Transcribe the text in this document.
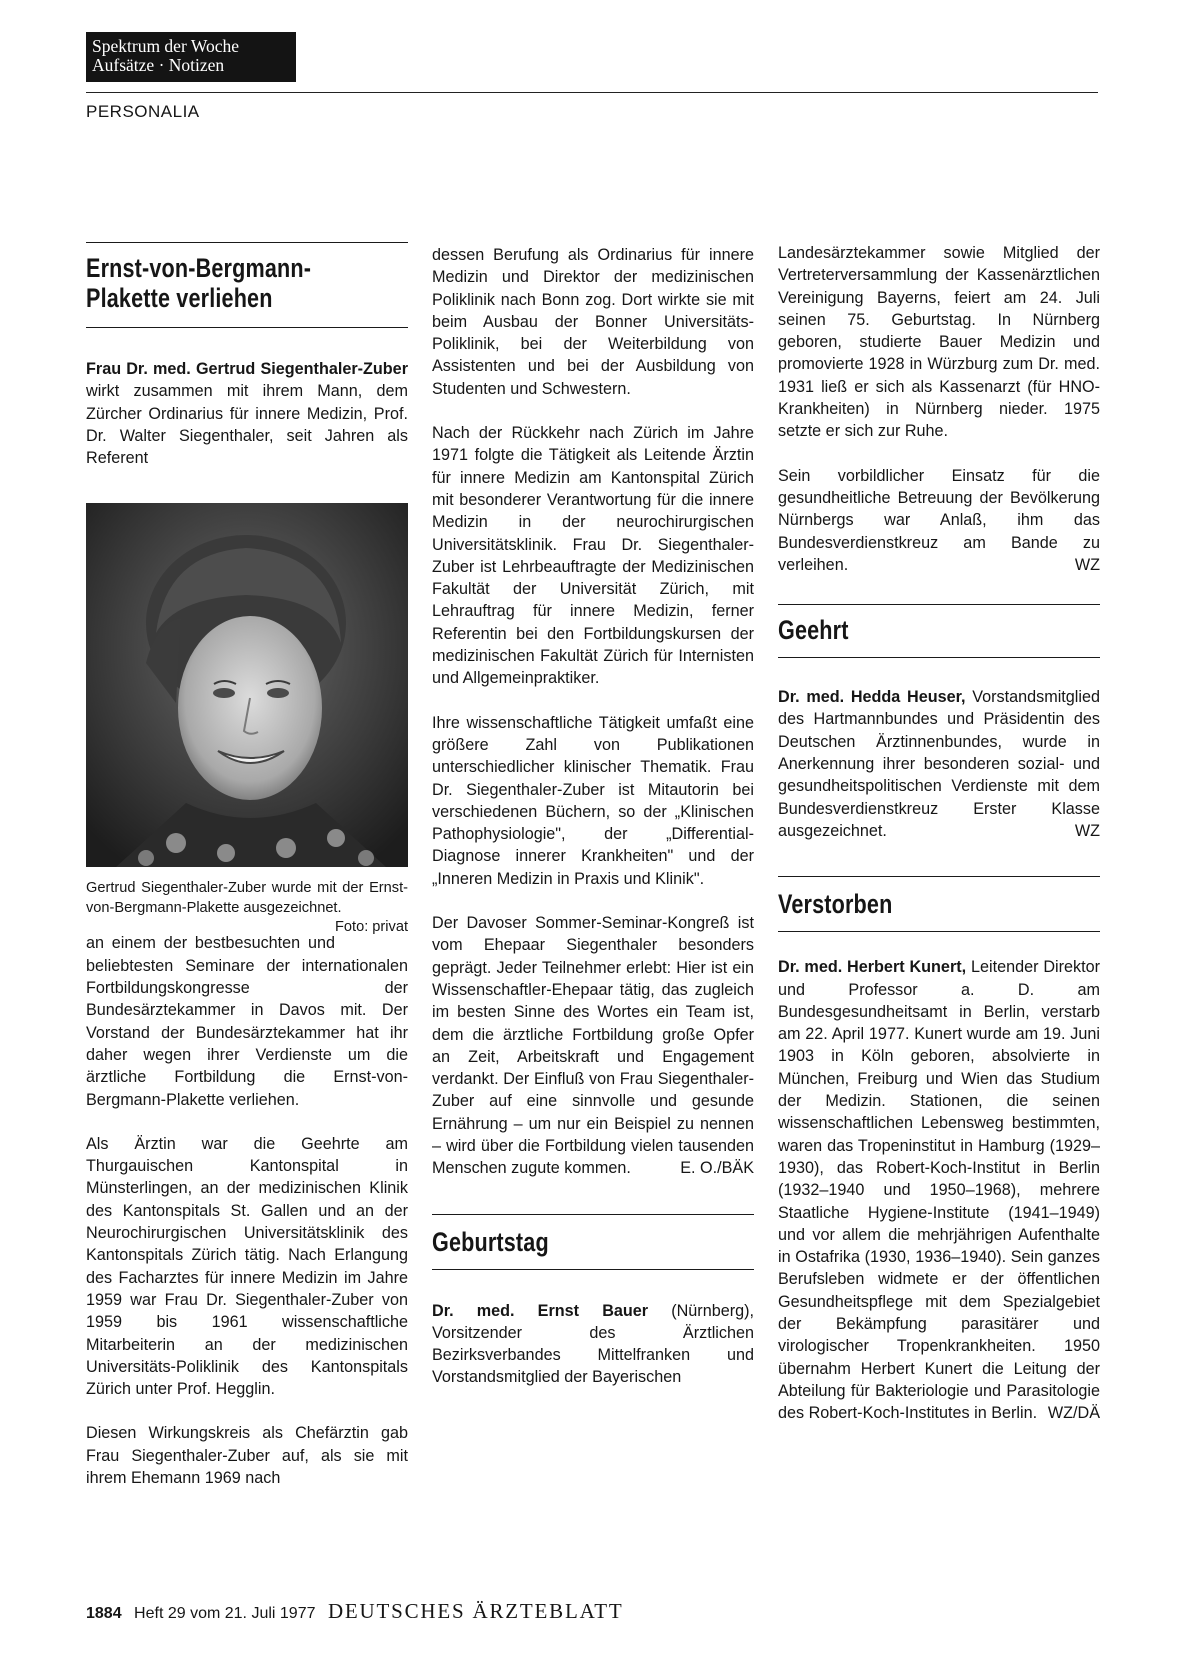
Spektrum der Woche
Aufsätze · Notizen
PERSONALIA
Ernst-von-Bergmann-
Plakette verliehen

Frau Dr. med. Gertrud Siegenthaler-Zuber wirkt zusammen mit ihrem Mann, dem Zürcher Ordinarius für innere Medizin, Prof. Dr. Walter Siegenthaler, seit Jahren als Referent

Gertrud Siegenthaler-Zuber wurde mit der Ernst-von-Bergmann-Plakette ausgezeichnet.
Foto: privat

an einem der bestbesuchten und beliebtesten Seminare der internationalen Fortbildungskongresse der Bundesärztekammer in Davos mit. Der Vorstand der Bundesärztekammer hat ihr daher wegen ihrer Verdienste um die ärztliche Fortbildung die Ernst-von-Bergmann-Plakette verliehen.

Als Ärztin war die Geehrte am Thurgauischen Kantonspital in Münsterlingen, an der medizinischen Klinik des Kantonspitals St. Gallen und an der Neurochirurgischen Universitätsklinik des Kantonspitals Zürich tätig. Nach Erlangung des Facharztes für innere Medizin im Jahre 1959 war Frau Dr. Siegenthaler-Zuber von 1959 bis 1961 wissenschaftliche Mitarbeiterin an der medizinischen Universitäts-Poliklinik des Kantonspitals Zürich unter Prof. Hegglin.

Diesen Wirkungskreis als Chefärztin gab Frau Siegenthaler-Zuber auf, als sie mit ihrem Ehemann 1969 nach

dessen Berufung als Ordinarius für innere Medizin und Direktor der medizinischen Poliklinik nach Bonn zog. Dort wirkte sie mit beim Ausbau der Bonner Universitäts-Poliklinik, bei der Weiterbildung von Assistenten und bei der Ausbildung von Studenten und Schwestern.

Nach der Rückkehr nach Zürich im Jahre 1971 folgte die Tätigkeit als Leitende Ärztin für innere Medizin am Kantonspital Zürich mit besonderer Verantwortung für die innere Medizin in der neurochirurgischen Universitätsklinik. Frau Dr. Siegenthaler-Zuber ist Lehrbeauftragte der Medizinischen Fakultät der Universität Zürich, mit Lehrauftrag für innere Medizin, ferner Referentin bei den Fortbildungskursen der medizinischen Fakultät Zürich für Internisten und Allgemeinpraktiker.

Ihre wissenschaftliche Tätigkeit umfaßt eine größere Zahl von Publikationen unterschiedlicher klinischer Thematik. Frau Dr. Siegenthaler-Zuber ist Mitautorin bei verschiedenen Büchern, so der „Klinischen Pathophysiologie", der „Differential-Diagnose innerer Krankheiten" und der „Inneren Medizin in Praxis und Klinik".

Der Davoser Sommer-Seminar-Kongreß ist vom Ehepaar Siegenthaler besonders geprägt. Jeder Teilnehmer erlebt: Hier ist ein Wissenschaftler-Ehepaar tätig, das zugleich im besten Sinne des Wortes ein Team ist, dem die ärztliche Fortbildung große Opfer an Zeit, Arbeitskraft und Engagement verdankt. Der Einfluß von Frau Siegenthaler-Zuber auf eine sinnvolle und gesunde Ernährung – um nur ein Beispiel zu nennen – wird über die Fortbildung vielen tausenden Menschen zugute kommen.	E. O./BÄK

Geburtstag

Dr. med. Ernst Bauer (Nürnberg), Vorsitzender des Ärztlichen Bezirksverbandes Mittelfranken und Vorstandsmitglied der Bayerischen

Landesärztekammer sowie Mitglied der Vertreterversammlung der Kassenärztlichen Vereinigung Bayerns, feiert am 24. Juli seinen 75. Geburtstag. In Nürnberg geboren, studierte Bauer Medizin und promovierte 1928 in Würzburg zum Dr. med. 1931 ließ er sich als Kassenarzt (für HNO-Krankheiten) in Nürnberg nieder. 1975 setzte er sich zur Ruhe.

Sein vorbildlicher Einsatz für die gesundheitliche Betreuung der Bevölkerung Nürnbergs war Anlaß, ihm das Bundesverdienstkreuz am Bande zu verleihen.	WZ

Geehrt

Dr. med. Hedda Heuser, Vorstandsmitglied des Hartmannbundes und Präsidentin des Deutschen Ärztinnenbundes, wurde in Anerkennung ihrer besonderen sozial- und gesundheitspolitischen Verdienste mit dem Bundesverdienstkreuz Erster Klasse ausgezeichnet.	WZ

Verstorben

Dr. med. Herbert Kunert, Leitender Direktor und Professor a. D. am Bundesgesundheitsamt in Berlin, verstarb am 22. April 1977. Kunert wurde am 19. Juni 1903 in Köln geboren, absolvierte in München, Freiburg und Wien das Studium der Medizin. Stationen, die seinen wissenschaftlichen Lebensweg bestimmten, waren das Tropeninstitut in Hamburg (1929–1930), das Robert-Koch-Institut in Berlin (1932–1940 und 1950–1968), mehrere Staatliche Hygiene-Institute (1941–1949) und vor allem die mehrjährigen Aufenthalte in Ostafrika (1930, 1936–1940). Sein ganzes Berufsleben widmete er der öffentlichen Gesundheitspflege mit dem Spezialgebiet der Bekämpfung parasitärer und virologischer Tropenkrankheiten. 1950 übernahm Herbert Kunert die Leitung der Abteilung für Bakteriologie und Parasitologie des Robert-Koch-Institutes in Berlin. WZ/DÄ

1884 Heft 29 vom 21. Juli 1977 DEUTSCHES ÄRZTEBLATT
